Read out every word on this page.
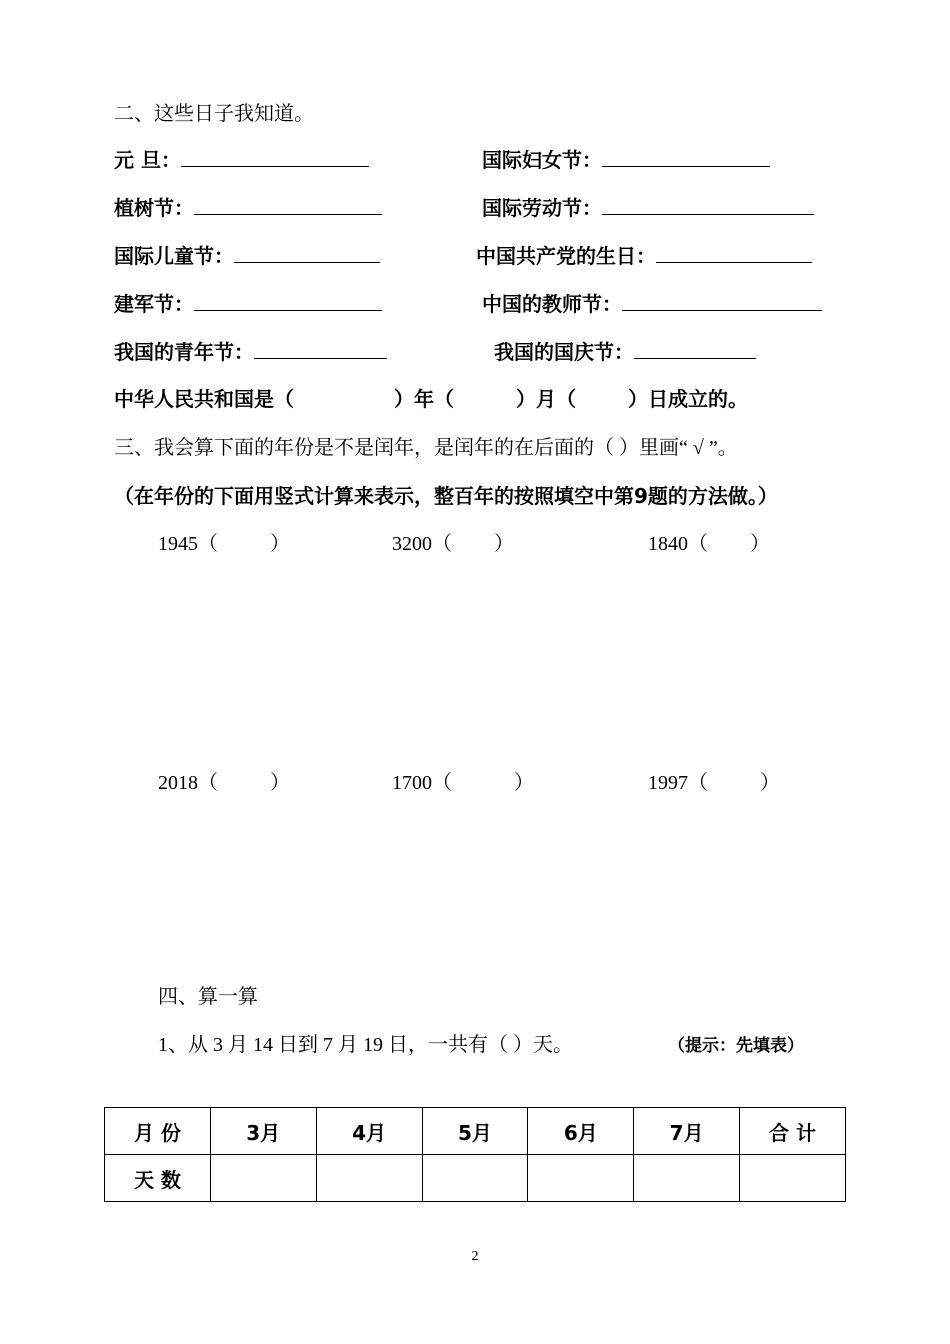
二、这些日子我知道。
元 旦：	国际妇女节：
植树节：	国际劳动节：
国际儿童节：	中国共产党的生日：
建军节：	中国的教师节：
我国的青年节：	我国的国庆节：
中华人民共和国是（	）年（	）月（	）日成立的。
三、我会算下面的年份是不是闰年，是闰年的在后面的（ ）里画“ √ ”。
（在年份的下面用竖式计算来表示，整百年的按照填空中第9题的方法做。）
1945（	）	3200（ ）	1840（ ）
2018（	）	1700（	）	1997（	）
四、算一算
1、从 3 月 14 日到 7 月 19 日，一共有（ ）天。	（提示：先填表）
月 份	3月	4月	5月	6月	7月	合 计
天 数						
2
